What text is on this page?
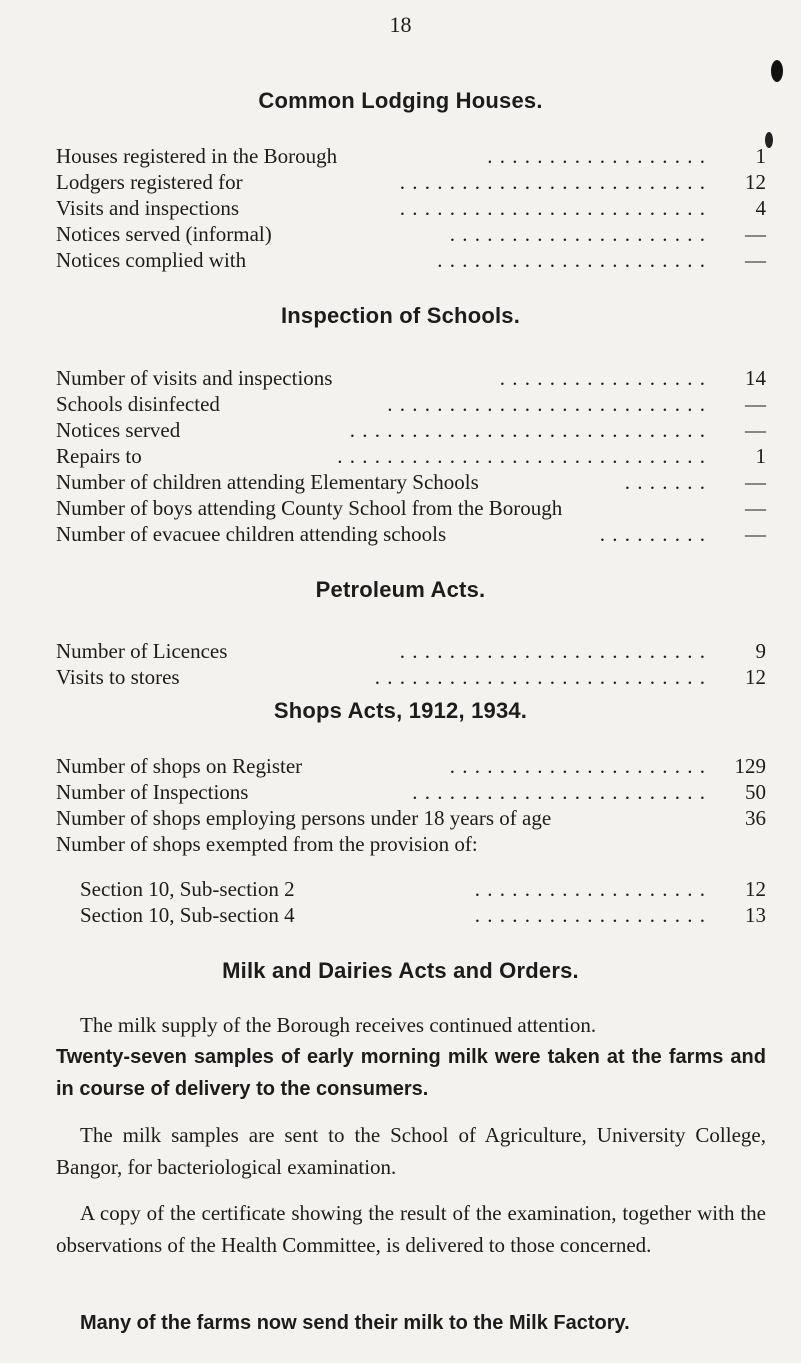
18
Common Lodging Houses.
Houses registered in the Borough	. . . . . . . . . . . . . . . . . .	1
Lodgers registered for	. . . . . . . . . . . . . . . . . . . . . . . . .	12
Visits and inspections	. . . . . . . . . . . . . . . . . . . . . . . . .	4
Notices served (informal)	. . . . . . . . . . . . . . . . . . . . .	—
Notices complied with	. . . . . . . . . . . . . . . . . . . . . .	—
Inspection of Schools.
Number of visits and inspections	. . . . . . . . . . . . . . . . .	14
Schools disinfected	. . . . . . . . . . . . . . . . . . . . . . . . . .	—
Notices served	. . . . . . . . . . . . . . . . . . . . . . . . . . . . .	—
Repairs to	. . . . . . . . . . . . . . . . . . . . . . . . . . . . . .	1
Number of children attending Elementary Schools	. . . . . . .	—
Number of boys attending County School from the Borough	—
Number of evacuee children attending schools	. . . . . . . . .	—
Petroleum Acts.
Number of Licences	. . . . . . . . . . . . . . . . . . . . . . . . .	9
Visits to stores	. . . . . . . . . . . . . . . . . . . . . . . . . . .	12
Shops Acts, 1912, 1934.
Number of shops on Register	. . . . . . . . . . . . . . . . . . . . .	129
Number of Inspections	. . . . . . . . . . . . . . . . . . . . . . . .	50
Number of shops employing persons under 18 years of age	36
Number of shops exempted from the provision of:
Section 10, Sub-section 2	. . . . . . . . . . . . . . . . . . .	12
Section 10, Sub-section 4	. . . . . . . . . . . . . . . . . . .	13
Milk and Dairies Acts and Orders.
The milk supply of the Borough receives continued attention.
Twenty-seven samples of early morning milk were taken at the farms and in course of delivery to the consumers.
The milk samples are sent to the School of Agriculture, University College, Bangor, for bacteriological examination.
A copy of the certificate showing the result of the examination, together with the observations of the Health Committee, is delivered to those concerned.
Many of the farms now send their milk to the Milk Factory.
